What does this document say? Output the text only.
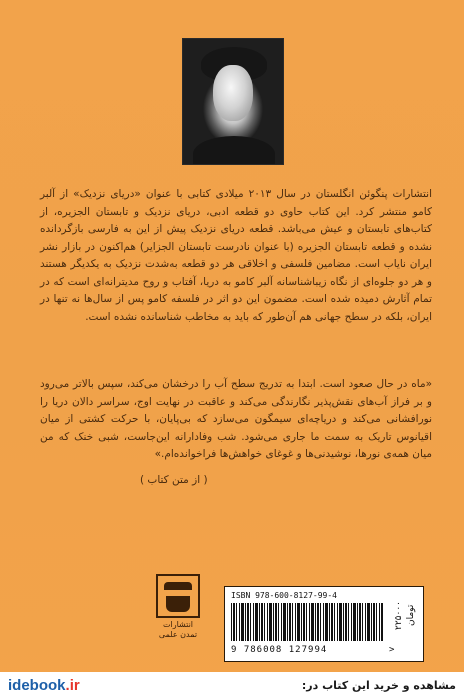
انتشارات پنگوئن انگلستان در سال ۲۰۱۳ میلادی کتابی با عنوان «دریای نزدیک» از آلبر کامو منتشر کرد. این کتاب حاوی دو قطعه ادبی، دریای نزدیک و تابستان الجزیره، از کتاب‌های تابستان و عیش می‌باشد. قطعه دریای نزدیک پیش از این به فارسی بازگردانده نشده و قطعه تابستان الجزیره (با عنوان نادرست تابستان الجزایر) هم‌اکنون در بازار نشر ایران نایاب است. مضامین فلسفی و اخلاقی هر دو قطعه به‌شدت نزدیک به یکدیگر هستند و هر دو جلوه‌ای از نگاه زیباشناسانه آلبر کامو به دریا، آفتاب و روح مدیترانه‌ای است که در تمام آثارش دمیده شده است. مضمون این دو اثر در فلسفه کامو پس از سال‌ها نه تنها در ایران، بلکه در سطح جهانی هم آن‌طور که باید به مخاطب شناسانده نشده است.

«ماه در حال صعود است. ابتدا به تدریج سطح آب را درخشان می‌کند، سپس بالاتر می‌رود و بر فراز آب‌های نقش‌پذیر نگارندگی می‌کند و عاقبت در نهایت اوج، سراسر دالان دریا را نورافشانی می‌کند و دریاچه‌ای سیمگون می‌سازد که بی‌پایان، با حرکت کشتی از میان اقیانوس تاریک به سمت ما جاری می‌شود. شب وفادارانه این‌جاست، شبی خنک که من میان همه‌ی نورها، نوشیدنی‌ها و غوغای خواهش‌ها فراخوانده‌ام.»

( از متن کتاب )

انتشارات
تمدن علمی
ISBN 978-600-8127-99-4
9 786008 127994	>
۲۲۵۰۰۰ تومان
idebook.ir	مشاهده و خرید این کتاب در:
